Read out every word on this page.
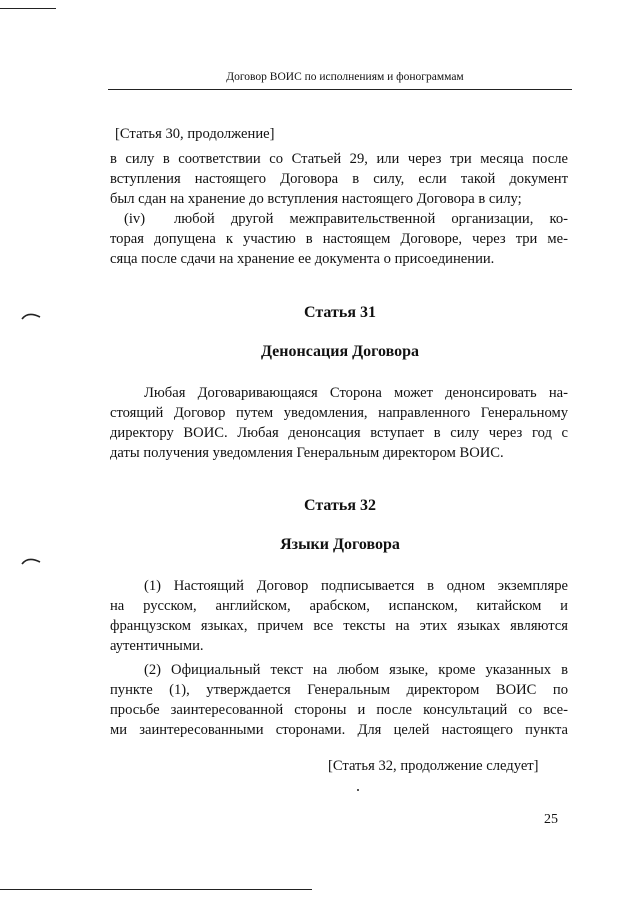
Договор ВОИС по исполнениям и фонограммам
[Статья 30, продолжение]
в силу в соответствии со Статьей 29, или через три месяца после
вступления настоящего Договора в силу, если такой документ
был сдан на хранение до вступления настоящего Договора в силу;
(iv) любой другой межправительственной организации, ко-
торая допущена к участию в настоящем Договоре, через три ме-
сяца после сдачи на хранение ее документа о присоединении.
Статья 31
Денонсация Договора
Любая Договаривающаяся Сторона может денонсировать на-
стоящий Договор путем уведомления, направленного Генеральному
директору ВОИС. Любая денонсация вступает в силу через год с
даты получения уведомления Генеральным директором ВОИС.
Статья 32
Языки Договора
(1) Настоящий Договор подписывается в одном экземпляре
на русском, английском, арабском, испанском, китайском и
французском языках, причем все тексты на этих языках являются
аутентичными.
(2) Официальный текст на любом языке, кроме указанных в
пункте (1), утверждается Генеральным директором ВОИС по
просьбе заинтересованной стороны и после консультаций со все-
ми заинтересованными сторонами. Для целей настоящего пункта
[Статья 32, продолжение следует]
25
